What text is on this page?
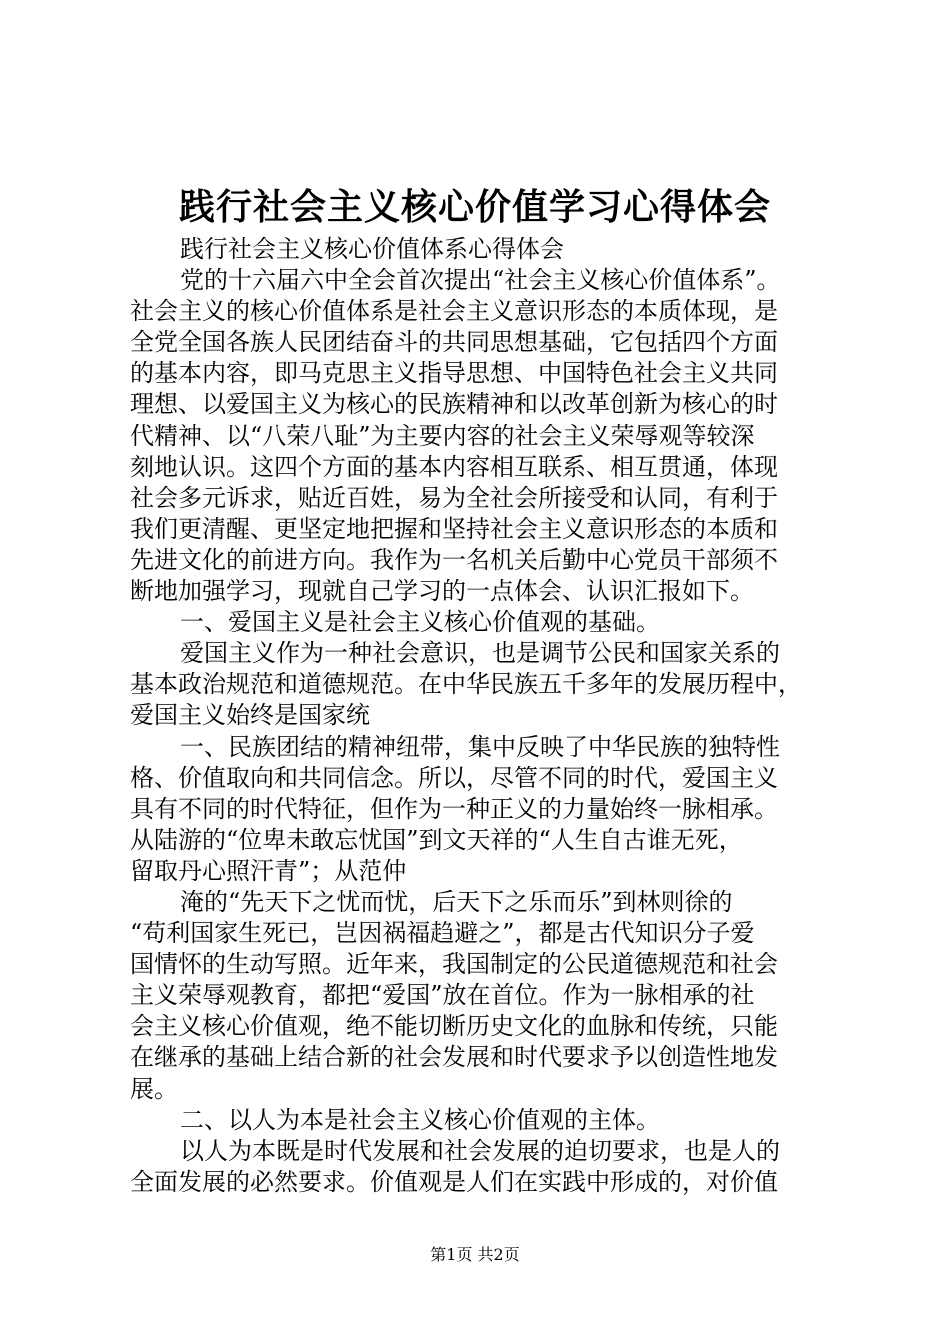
践行社会主义核心价值学习心得体会
践行社会主义核心价值体系心得体会
党的十六届六中全会首次提出“社会主义核心价值体系”。
社会主义的核心价值体系是社会主义意识形态的本质体现，是
全党全国各族人民团结奋斗的共同思想基础，它包括四个方面
的基本内容，即马克思主义指导思想、中国特色社会主义共同
理想、以爱国主义为核心的民族精神和以改革创新为核心的时
代精神、以“八荣八耻”为主要内容的社会主义荣辱观等较深
刻地认识。这四个方面的基本内容相互联系、相互贯通，体现
社会多元诉求，贴近百姓，易为全社会所接受和认同，有利于
我们更清醒、更坚定地把握和坚持社会主义意识形态的本质和
先进文化的前进方向。我作为一名机关后勤中心党员干部须不
断地加强学习，现就自己学习的一点体会、认识汇报如下。
一、爱国主义是社会主义核心价值观的基础。
爱国主义作为一种社会意识，也是调节公民和国家关系的
基本政治规范和道德规范。在中华民族五千多年的发展历程中，
爱国主义始终是国家统
一、民族团结的精神纽带，集中反映了中华民族的独特性
格、价值取向和共同信念。所以，尽管不同的时代，爱国主义
具有不同的时代特征，但作为一种正义的力量始终一脉相承。
从陆游的“位卑未敢忘忧国”到文天祥的“人生自古谁无死，
留取丹心照汗青”；从范仲
淹的“先天下之忧而忧，后天下之乐而乐”到林则徐的
“苟利国家生死已，岂因祸福趋避之”，都是古代知识分子爱
国情怀的生动写照。近年来，我国制定的公民道德规范和社会
主义荣辱观教育，都把“爱国”放在首位。作为一脉相承的社
会主义核心价值观，绝不能切断历史文化的血脉和传统，只能
在继承的基础上结合新的社会发展和时代要求予以创造性地发
展。
二、以人为本是社会主义核心价值观的主体。
以人为本既是时代发展和社会发展的迫切要求，也是人的
全面发展的必然要求。价值观是人们在实践中形成的，对价值
第1页 共2页
